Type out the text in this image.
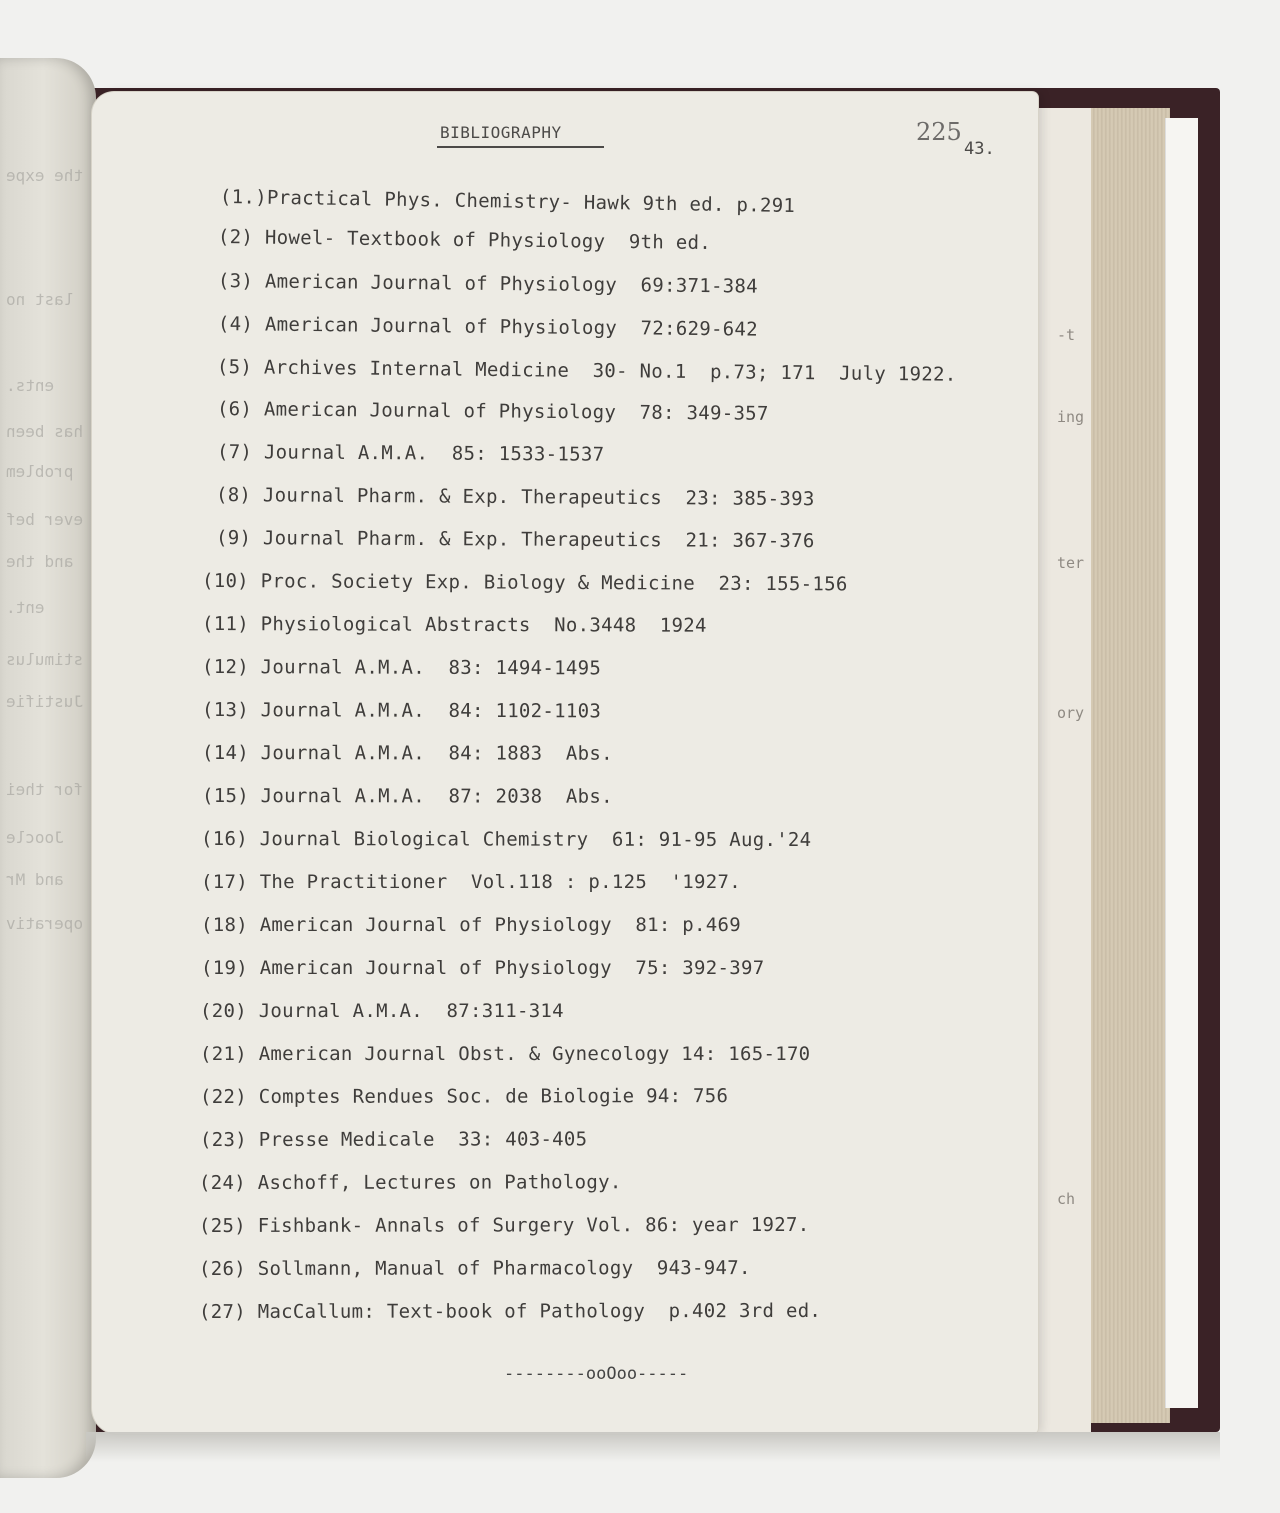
-t
ing
ter
ory
ch
the expe
last no
ents.
has been
problem
ever bef
and the
ent.
stimulus
Justifie
for thei
Joocle
and Mr
operativ
BIBLIOGRAPHY	225
43.
(1.)Practical Phys. Chemistry- Hawk 9th ed. p.291
(2) Howel- Textbook of Physiology  9th ed.
(3) American Journal of Physiology  69:371-384
(4) American Journal of Physiology  72:629-642
(5) Archives Internal Medicine  30- No.1  p.73; 171  July 1922.
(6) American Journal of Physiology  78: 349-357
(7) Journal A.M.A.  85: 1533-1537
(8) Journal Pharm. & Exp. Therapeutics  23: 385-393
(9) Journal Pharm. & Exp. Therapeutics  21: 367-376
(10) Proc. Society Exp. Biology & Medicine  23: 155-156
(11) Physiological Abstracts  No.3448  1924
(12) Journal A.M.A.  83: 1494-1495
(13) Journal A.M.A.  84: 1102-1103
(14) Journal A.M.A.  84: 1883  Abs.
(15) Journal A.M.A.  87: 2038  Abs.
(16) Journal Biological Chemistry  61: 91-95 Aug.'24
(17) The Practitioner  Vol.118 : p.125  '1927.
(18) American Journal of Physiology  81: p.469
(19) American Journal of Physiology  75: 392-397
(20) Journal A.M.A.  87:311-314
(21) American Journal Obst. & Gynecology 14: 165-170
(22) Comptes Rendues Soc. de Biologie 94: 756
(23) Presse Medicale  33: 403-405
(24) Aschoff, Lectures on Pathology.
(25) Fishbank- Annals of Surgery Vol. 86: year 1927.
(26) Sollmann, Manual of Pharmacology  943-947.
(27) MacCallum: Text-book of Pathology  p.402 3rd ed.
--------ooOoo-----
